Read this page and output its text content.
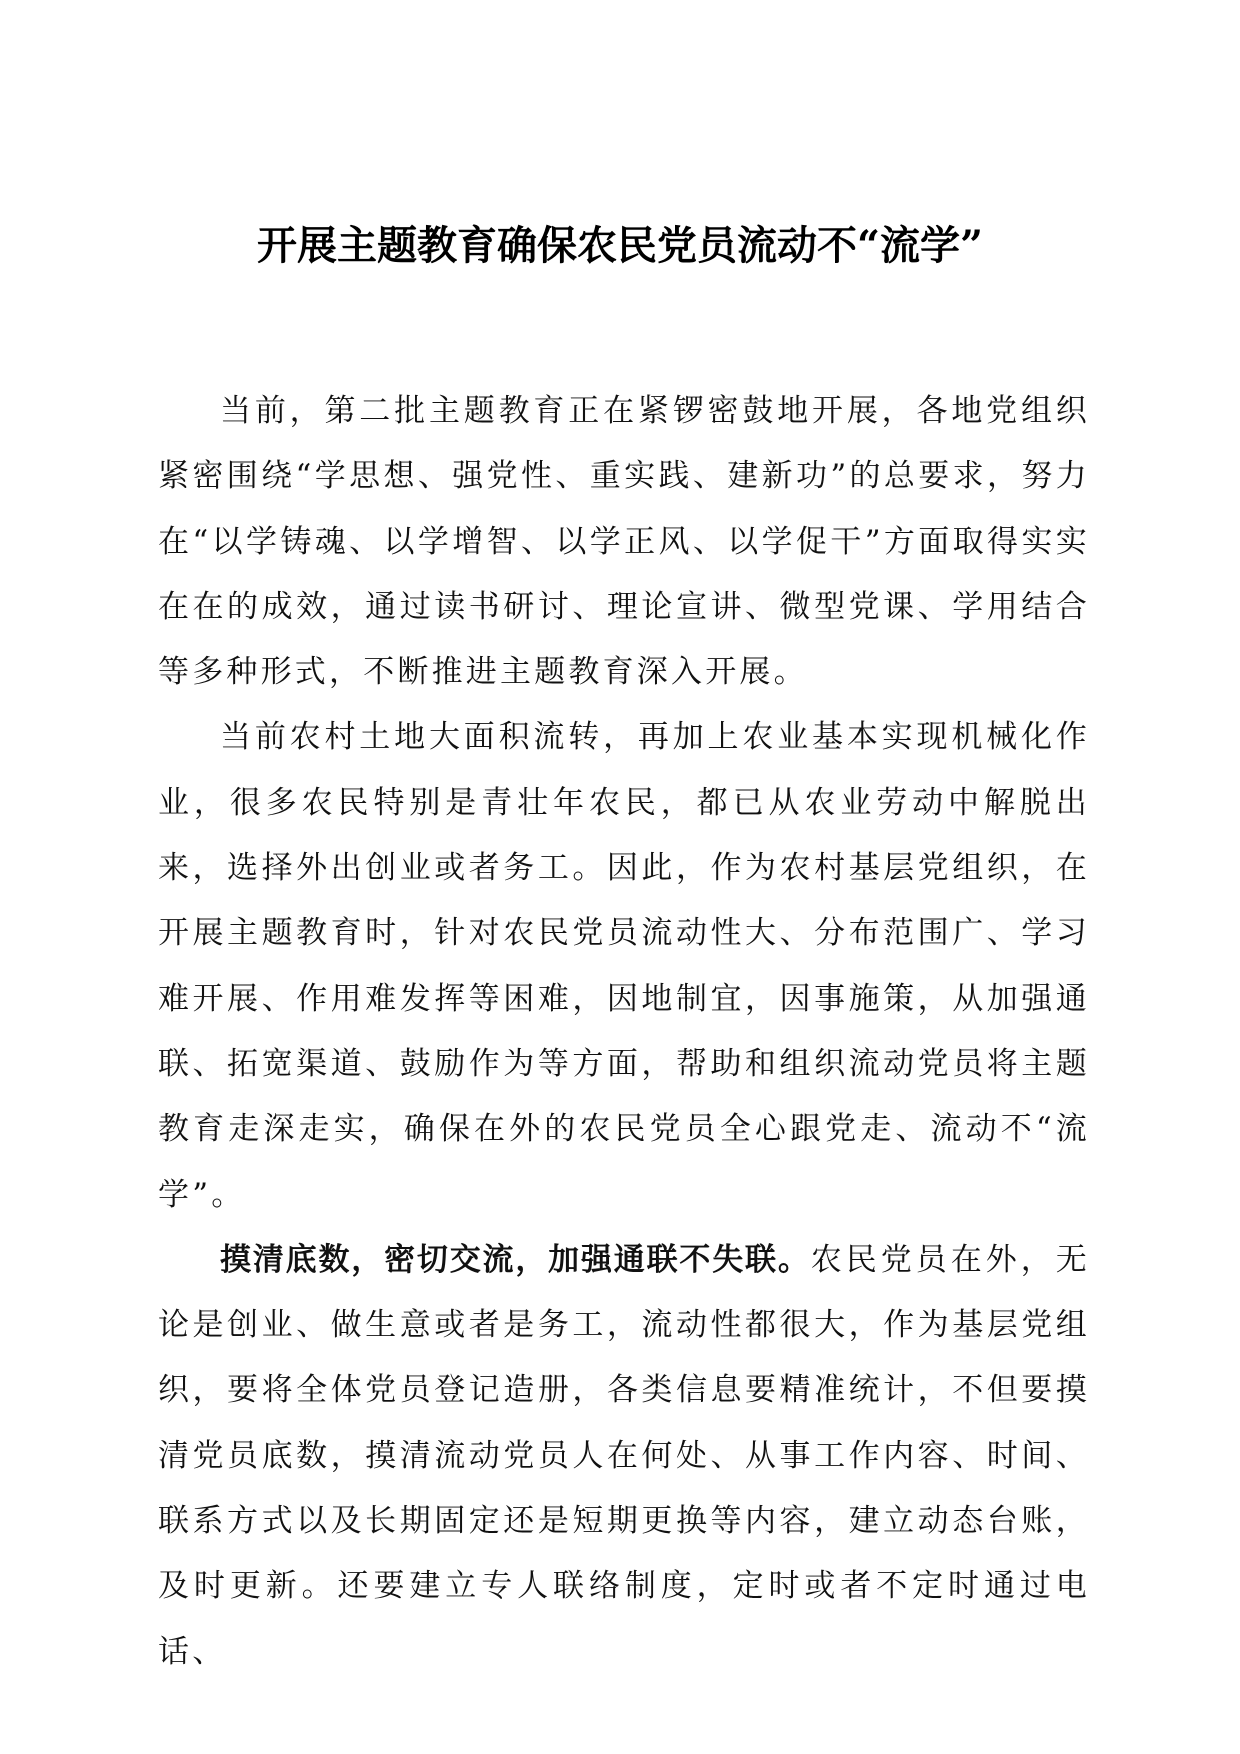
开展主题教育确保农民党员流动不“流学”

当前，第二批主题教育正在紧锣密鼓地开展，各地党组织紧密围绕“学思想、强党性、重实践、建新功”的总要求，努力在“以学铸魂、以学增智、以学正风、以学促干”方面取得实实在在的成效，通过读书研讨、理论宣讲、微型党课、学用结合等多种形式，不断推进主题教育深入开展。

当前农村土地大面积流转，再加上农业基本实现机械化作业，很多农民特别是青壮年农民，都已从农业劳动中解脱出来，选择外出创业或者务工。因此，作为农村基层党组织，在开展主题教育时，针对农民党员流动性大、分布范围广、学习难开展、作用难发挥等困难，因地制宜，因事施策，从加强通联、拓宽渠道、鼓励作为等方面，帮助和组织流动党员将主题教育走深走实，确保在外的农民党员全心跟党走、流动不“流学”。

摸清底数，密切交流，加强通联不失联。农民党员在外，无论是创业、做生意或者是务工，流动性都很大，作为基层党组织，要将全体党员登记造册，各类信息要精准统计，不但要摸清党员底数，摸清流动党员人在何处、从事工作内容、时间、联系方式以及长期固定还是短期更换等内容，建立动态台账，及时更新。还要建立专人联络制度，定时或者不定时通过电话、
